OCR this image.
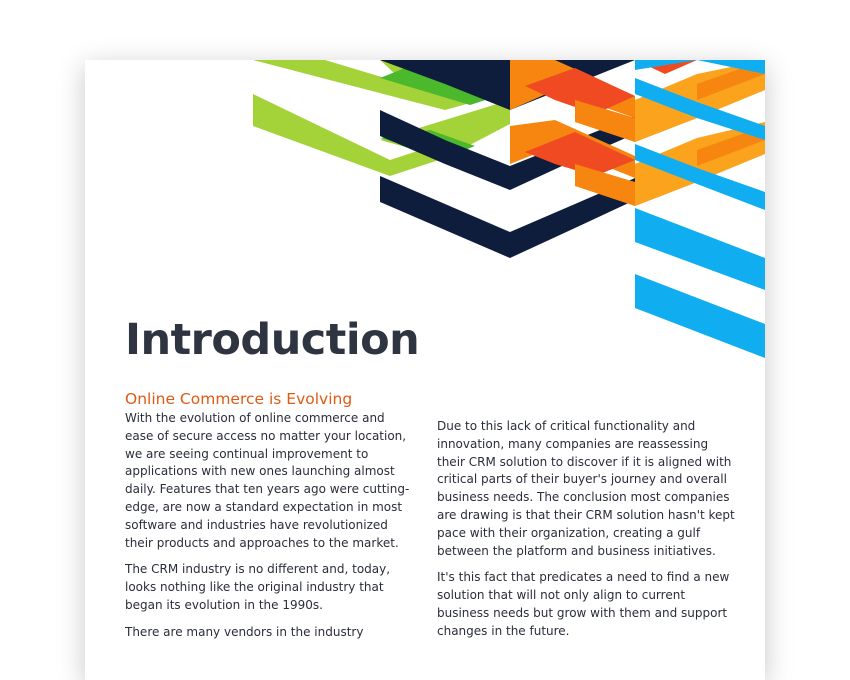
Introduction
Online Commerce is Evolving

With the evolution of online commerce and ease of secure access no matter your location, we are seeing continual improvement to applications with new ones launching almost daily. Features that ten years ago were cutting-edge, are now a standard expectation in most software and industries have revolutionized their products and approaches to the market.

The CRM industry is no different and, today, looks nothing like the original industry that began its evolution in the 1990s.

There are many vendors in the industry

Due to this lack of critical functionality and innovation, many companies are reassessing their CRM solution to discover if it is aligned with critical parts of their buyer's journey and overall business needs. The conclusion most companies are drawing is that their CRM solution hasn't kept pace with their organization, creating a gulf between the platform and business initiatives.

It's this fact that predicates a need to find a new solution that will not only align to current business needs but grow with them and support changes in the future.
